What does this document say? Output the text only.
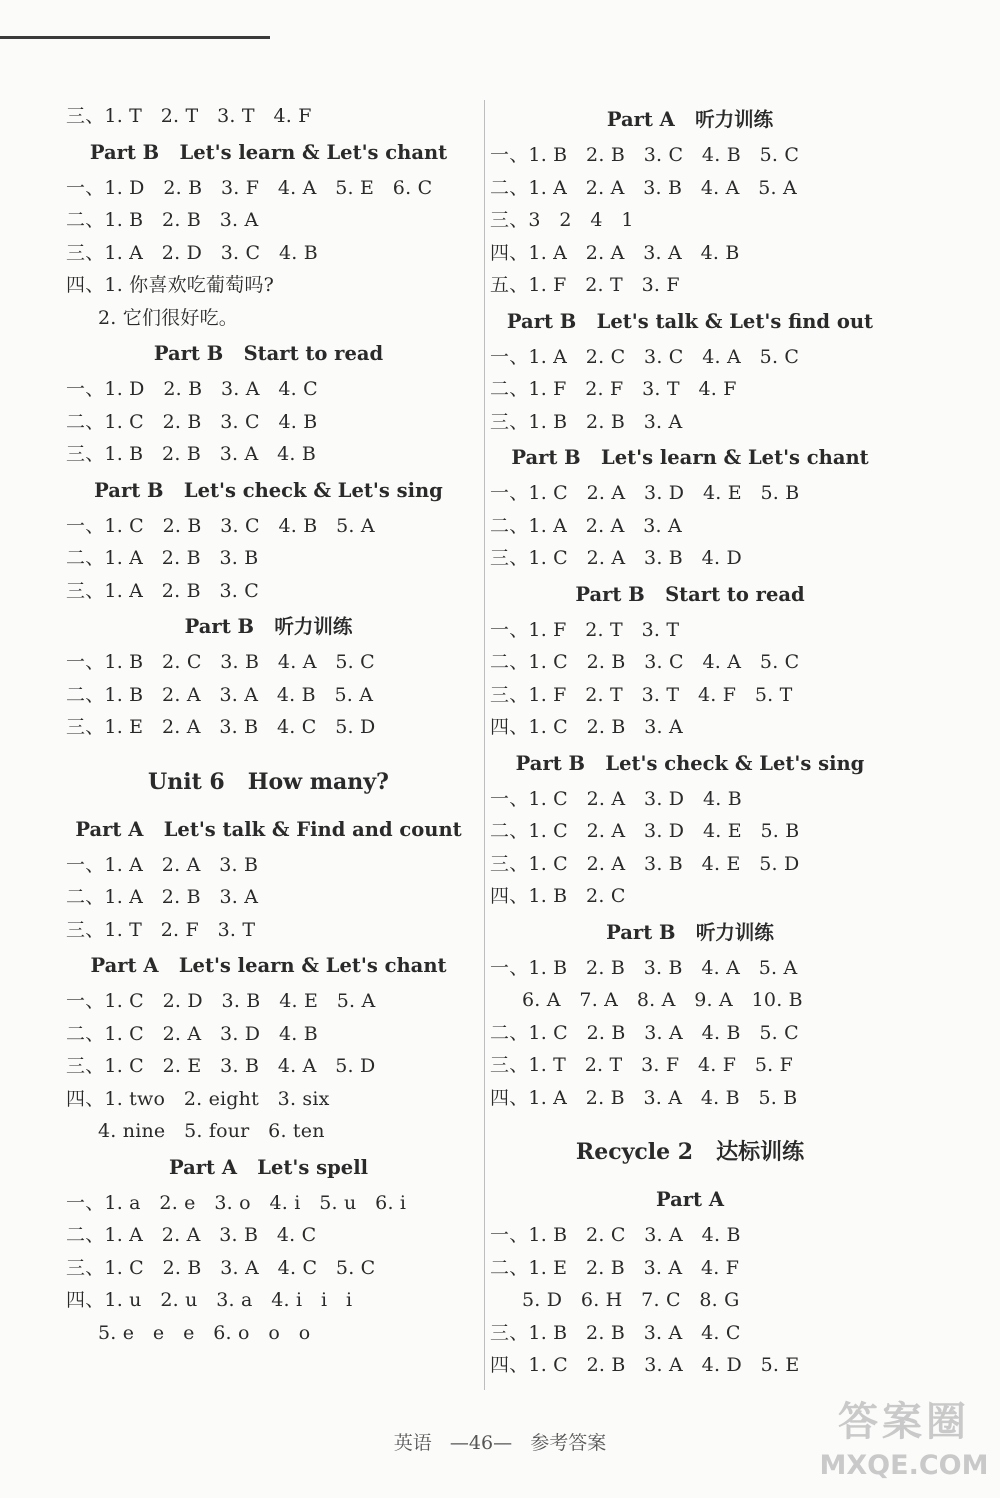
三、1. T   2. T   3. T   4. F
Part B   Let's learn & Let's chant
一、1. D   2. B   3. F   4. A   5. E   6. C
二、1. B   2. B   3. A
三、1. A   2. D   3. C   4. B
四、1. 你喜欢吃葡萄吗?
2. 它们很好吃。
Part B   Start to read
一、1. D   2. B   3. A   4. C
二、1. C   2. B   3. C   4. B
三、1. B   2. B   3. A   4. B
Part B   Let's check & Let's sing
一、1. C   2. B   3. C   4. B   5. A
二、1. A   2. B   3. B
三、1. A   2. B   3. C
Part B   听力训练
一、1. B   2. C   3. B   4. A   5. C
二、1. B   2. A   3. A   4. B   5. A
三、1. E   2. A   3. B   4. C   5. D
Unit 6   How many?
Part A   Let's talk & Find and count
一、1. A   2. A   3. B
二、1. A   2. B   3. A
三、1. T   2. F   3. T
Part A   Let's learn & Let's chant
一、1. C   2. D   3. B   4. E   5. A
二、1. C   2. A   3. D   4. B
三、1. C   2. E   3. B   4. A   5. D
四、1. two   2. eight   3. six
4. nine   5. four   6. ten
Part A   Let's spell
一、1. a   2. e   3. o   4. i   5. u   6. i
二、1. A   2. A   3. B   4. C
三、1. C   2. B   3. A   4. C   5. C
四、1. u   2. u   3. a   4. i   i   i
5. e   e   e   6. o   o   o
Part A   听力训练
一、1. B   2. B   3. C   4. B   5. C
二、1. A   2. A   3. B   4. A   5. A
三、3   2   4   1
四、1. A   2. A   3. A   4. B
五、1. F   2. T   3. F
Part B   Let's talk & Let's find out
一、1. A   2. C   3. C   4. A   5. C
二、1. F   2. F   3. T   4. F
三、1. B   2. B   3. A
Part B   Let's learn & Let's chant
一、1. C   2. A   3. D   4. E   5. B
二、1. A   2. A   3. A
三、1. C   2. A   3. B   4. D
Part B   Start to read
一、1. F   2. T   3. T
二、1. C   2. B   3. C   4. A   5. C
三、1. F   2. T   3. T   4. F   5. T
四、1. C   2. B   3. A
Part B   Let's check & Let's sing
一、1. C   2. A   3. D   4. B
二、1. C   2. A   3. D   4. E   5. B
三、1. C   2. A   3. B   4. E   5. D
四、1. B   2. C
Part B   听力训练
一、1. B   2. B   3. B   4. A   5. A
6. A   7. A   8. A   9. A   10. B
二、1. C   2. B   3. A   4. B   5. C
三、1. T   2. T   3. F   4. F   5. F
四、1. A   2. B   3. A   4. B   5. B
Recycle 2   达标训练
Part A
一、1. B   2. C   3. A   4. B
二、1. E   2. B   3. A   4. F
5. D   6. H   7. C   8. G
三、1. B   2. B   3. A   4. C
四、1. C   2. B   3. A   4. D   5. E
英语   —46—   参考答案	答案圈
MXQE.COM
